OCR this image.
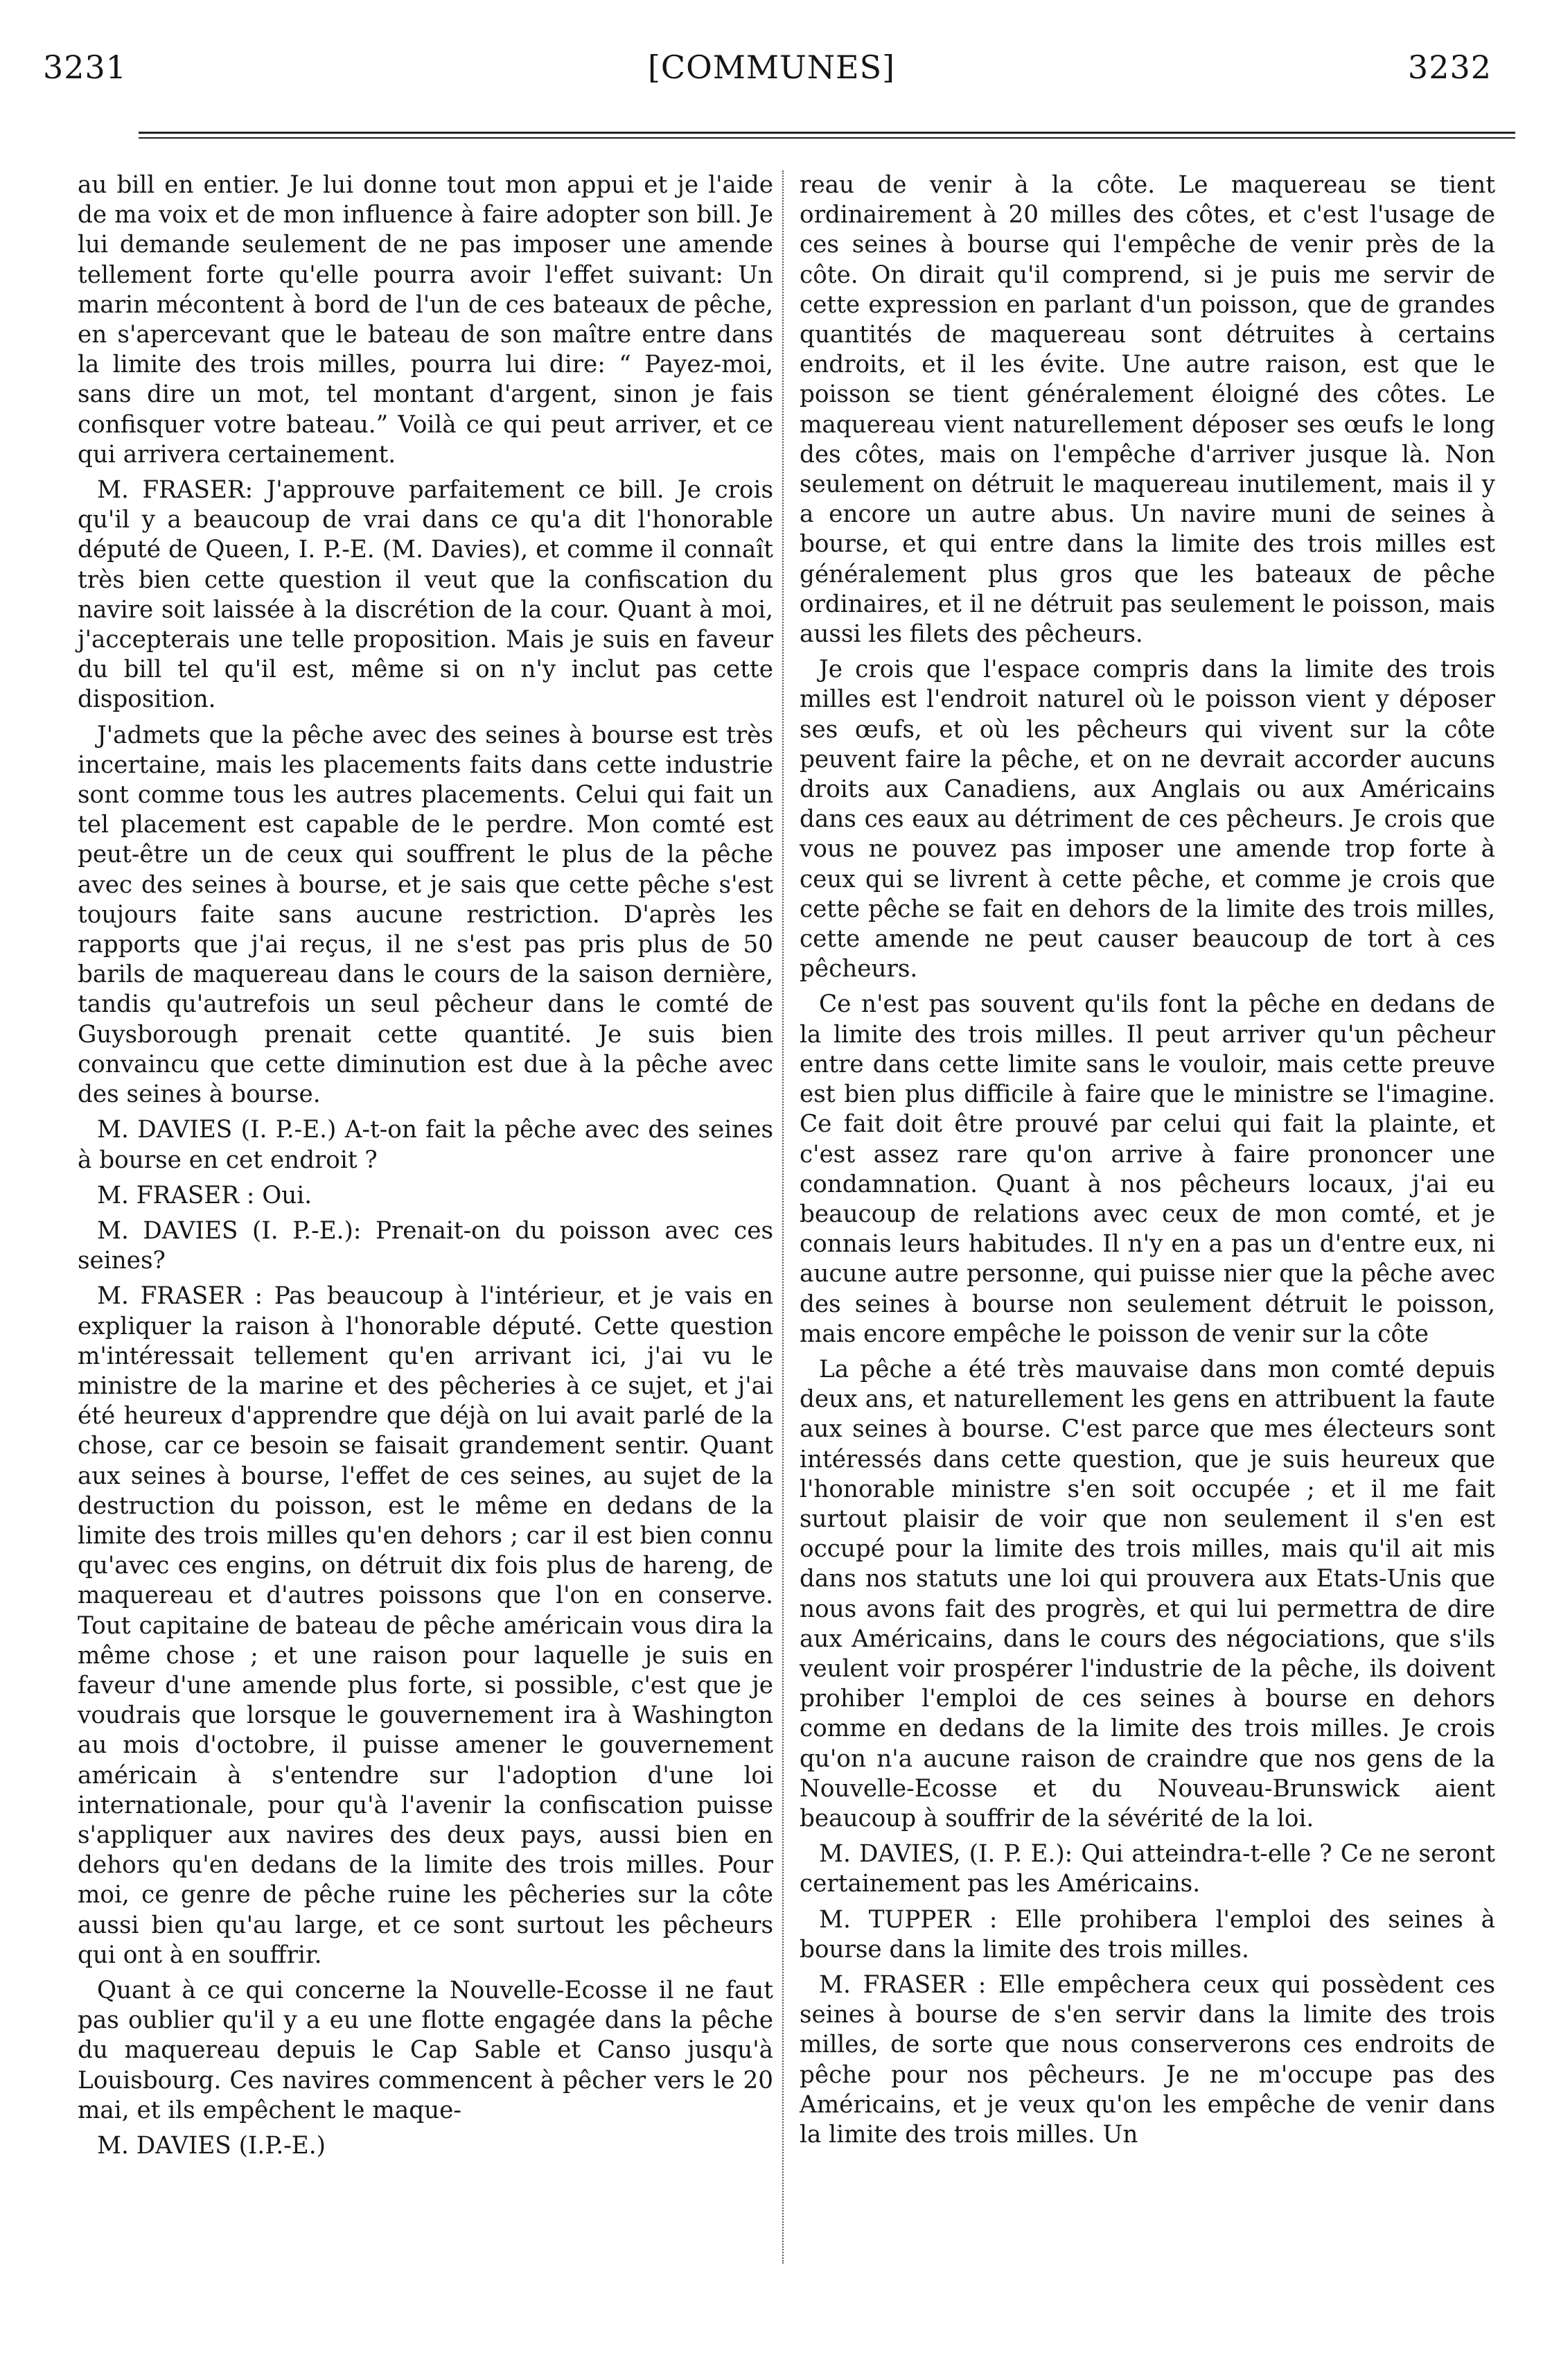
3231	[COMMUNES]	3232

au bill en entier. Je lui donne tout mon appui et je l'aide de ma voix et de mon influence à faire adopter son bill. Je lui demande seulement de ne pas imposer une amende tellement forte qu'elle pourra avoir l'effet suivant: Un marin mécontent à bord de l'un de ces bateaux de pêche, en s'apercevant que le bateau de son maître entre dans la limite des trois milles, pourra lui dire: “ Payez-moi, sans dire un mot, tel montant d'argent, sinon je fais confisquer votre bateau.” Voilà ce qui peut arriver, et ce qui arrivera certainement.

M. FRASER: J'approuve parfaitement ce bill. Je crois qu'il y a beaucoup de vrai dans ce qu'a dit l'honorable député de Queen, I. P.-E. (M. Davies), et comme il connaît très bien cette question il veut que la confiscation du navire soit laissée à la discrétion de la cour. Quant à moi, j'accepterais une telle proposition. Mais je suis en faveur du bill tel qu'il est, même si on n'y inclut pas cette disposition.

J'admets que la pêche avec des seines à bourse est très incertaine, mais les placements faits dans cette industrie sont comme tous les autres placements. Celui qui fait un tel placement est capable de le perdre. Mon comté est peut-être un de ceux qui souffrent le plus de la pêche avec des seines à bourse, et je sais que cette pêche s'est toujours faite sans aucune restriction. D'après les rapports que j'ai reçus, il ne s'est pas pris plus de 50 barils de maquereau dans le cours de la saison dernière, tandis qu'autrefois un seul pêcheur dans le comté de Guysborough prenait cette quantité. Je suis bien convaincu que cette diminution est due à la pêche avec des seines à bourse.

M. DAVIES (I. P.-E.) A-t-on fait la pêche avec des seines à bourse en cet endroit ?

M. FRASER : Oui.

M. DAVIES (I. P.-E.): Prenait-on du poisson avec ces seines?

M. FRASER : Pas beaucoup à l'intérieur, et je vais en expliquer la raison à l'honorable député. Cette question m'intéressait tellement qu'en arrivant ici, j'ai vu le ministre de la marine et des pêcheries à ce sujet, et j'ai été heureux d'apprendre que déjà on lui avait parlé de la chose, car ce besoin se faisait grandement sentir. Quant aux seines à bourse, l'effet de ces seines, au sujet de la destruction du poisson, est le même en dedans de la limite des trois milles qu'en dehors ; car il est bien connu qu'avec ces engins, on détruit dix fois plus de hareng, de maquereau et d'autres poissons que l'on en conserve. Tout capitaine de bateau de pêche américain vous dira la même chose ; et une raison pour laquelle je suis en faveur d'une amende plus forte, si possible, c'est que je voudrais que lorsque le gouvernement ira à Washington au mois d'octobre, il puisse amener le gouvernement américain à s'entendre sur l'adoption d'une loi internationale, pour qu'à l'avenir la confiscation puisse s'appliquer aux navires des deux pays, aussi bien en dehors qu'en dedans de la limite des trois milles. Pour moi, ce genre de pêche ruine les pêcheries sur la côte aussi bien qu'au large, et ce sont surtout les pêcheurs qui ont à en souffrir.

Quant à ce qui concerne la Nouvelle-Ecosse il ne faut pas oublier qu'il y a eu une flotte engagée dans la pêche du maquereau depuis le Cap Sable et Canso jusqu'à Louisbourg. Ces navires commencent à pêcher vers le 20 mai, et ils empêchent le maque-

M. DAVIES (I.P.-E.)

reau de venir à la côte. Le maquereau se tient ordinairement à 20 milles des côtes, et c'est l'usage de ces seines à bourse qui l'empêche de venir près de la côte. On dirait qu'il comprend, si je puis me servir de cette expression en parlant d'un poisson, que de grandes quantités de maquereau sont détruites à certains endroits, et il les évite. Une autre raison, est que le poisson se tient généralement éloigné des côtes. Le maquereau vient naturellement déposer ses œufs le long des côtes, mais on l'empêche d'arriver jusque là. Non seulement on détruit le maquereau inutilement, mais il y a encore un autre abus. Un navire muni de seines à bourse, et qui entre dans la limite des trois milles est généralement plus gros que les bateaux de pêche ordinaires, et il ne détruit pas seulement le poisson, mais aussi les filets des pêcheurs.

Je crois que l'espace compris dans la limite des trois milles est l'endroit naturel où le poisson vient y déposer ses œufs, et où les pêcheurs qui vivent sur la côte peuvent faire la pêche, et on ne devrait accorder aucuns droits aux Canadiens, aux Anglais ou aux Américains dans ces eaux au détriment de ces pêcheurs. Je crois que vous ne pouvez pas imposer une amende trop forte à ceux qui se livrent à cette pêche, et comme je crois que cette pêche se fait en dehors de la limite des trois milles, cette amende ne peut causer beaucoup de tort à ces pêcheurs.

Ce n'est pas souvent qu'ils font la pêche en dedans de la limite des trois milles. Il peut arriver qu'un pêcheur entre dans cette limite sans le vouloir, mais cette preuve est bien plus difficile à faire que le ministre se l'imagine. Ce fait doit être prouvé par celui qui fait la plainte, et c'est assez rare qu'on arrive à faire prononcer une condamnation. Quant à nos pêcheurs locaux, j'ai eu beaucoup de relations avec ceux de mon comté, et je connais leurs habitudes. Il n'y en a pas un d'entre eux, ni aucune autre personne, qui puisse nier que la pêche avec des seines à bourse non seulement détruit le poisson, mais encore empêche le poisson de venir sur la côte

La pêche a été très mauvaise dans mon comté depuis deux ans, et naturellement les gens en attribuent la faute aux seines à bourse. C'est parce que mes électeurs sont intéressés dans cette question, que je suis heureux que l'honorable ministre s'en soit occupée ; et il me fait surtout plaisir de voir que non seulement il s'en est occupé pour la limite des trois milles, mais qu'il ait mis dans nos statuts une loi qui prouvera aux Etats-Unis que nous avons fait des progrès, et qui lui permettra de dire aux Américains, dans le cours des négociations, que s'ils veulent voir prospérer l'industrie de la pêche, ils doivent prohiber l'emploi de ces seines à bourse en dehors comme en dedans de la limite des trois milles. Je crois qu'on n'a aucune raison de craindre que nos gens de la Nouvelle-Ecosse et du Nouveau-Brunswick aient beaucoup à souffrir de la sévérité de la loi.

M. DAVIES, (I. P. E.): Qui atteindra-t-elle ? Ce ne seront certainement pas les Américains.

M. TUPPER : Elle prohibera l'emploi des seines à bourse dans la limite des trois milles.

M. FRASER : Elle empêchera ceux qui possèdent ces seines à bourse de s'en servir dans la limite des trois milles, de sorte que nous conserverons ces endroits de pêche pour nos pêcheurs. Je ne m'occupe pas des Américains, et je veux qu'on les empêche de venir dans la limite des trois milles. Un
